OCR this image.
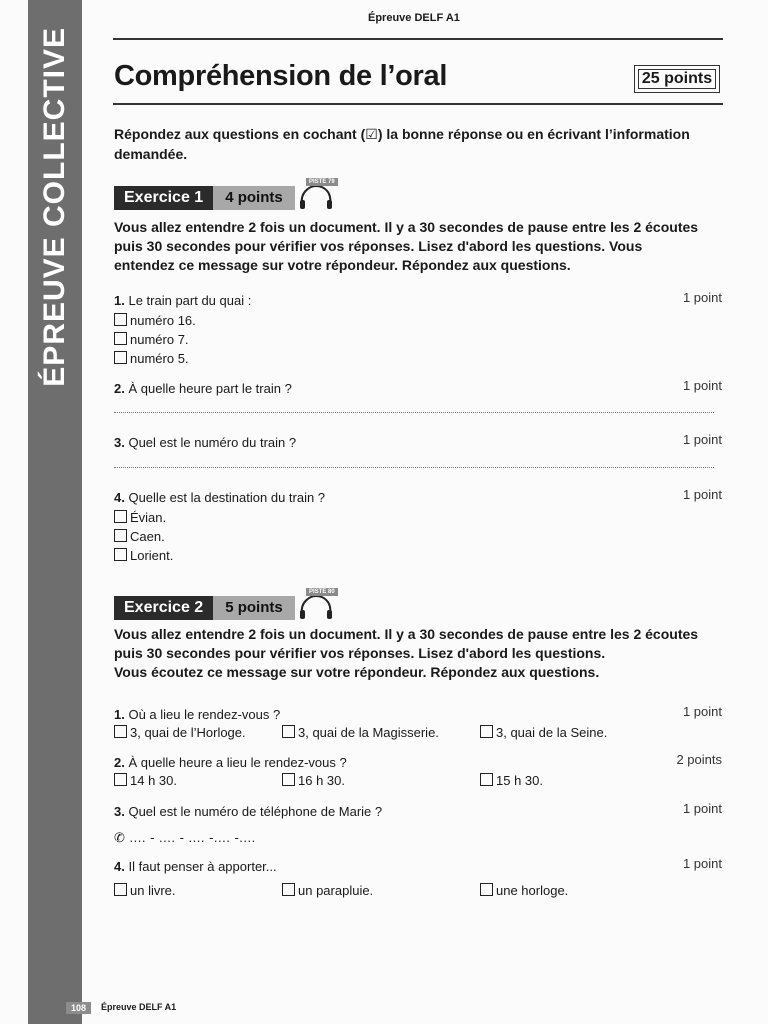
ÉPREUVE COLLECTIVE
Épreuve DELF A1
Compréhension de l’oral	25 points
Répondez aux questions en cochant (☑) la bonne réponse ou en écrivant l’information demandée.
Exercice 1	4 points
PISTE 79
Vous allez entendre 2 fois un document. Il y a 30 secondes de pause entre les 2 écoutes puis 30 secondes pour vérifier vos réponses. Lisez d'abord les questions. Vous entendez ce message sur votre répondeur. Répondez aux questions.
1. Le train part du quai :	1 point
numéro 16.
numéro 7.
numéro 5.
2. À quelle heure part le train ?	1 point
3. Quel est le numéro du train ?	1 point
4. Quelle est la destination du train ?	1 point
Évian.
Caen.
Lorient.
Exercice 2	5 points
PISTE 80
Vous allez entendre 2 fois un document. Il y a 30 secondes de pause entre les 2 écoutes puis 30 secondes pour vérifier vos réponses. Lisez d'abord les questions.
Vous écoutez ce message sur votre répondeur. Répondez aux questions.
1. Où a lieu le rendez-vous ?	1 point
3, quai de l’Horloge.	3, quai de la Magisserie.	3, quai de la Seine.
2. À quelle heure a lieu le rendez-vous ?	2 points
14 h 30.	16 h 30.	15 h 30.
3. Quel est le numéro de téléphone de Marie ?	1 point
✆ .... - .... - .... -.... -....
4. Il faut penser à apporter...	1 point
un livre.	un parapluie.	une horloge.
108	Épreuve DELF A1
